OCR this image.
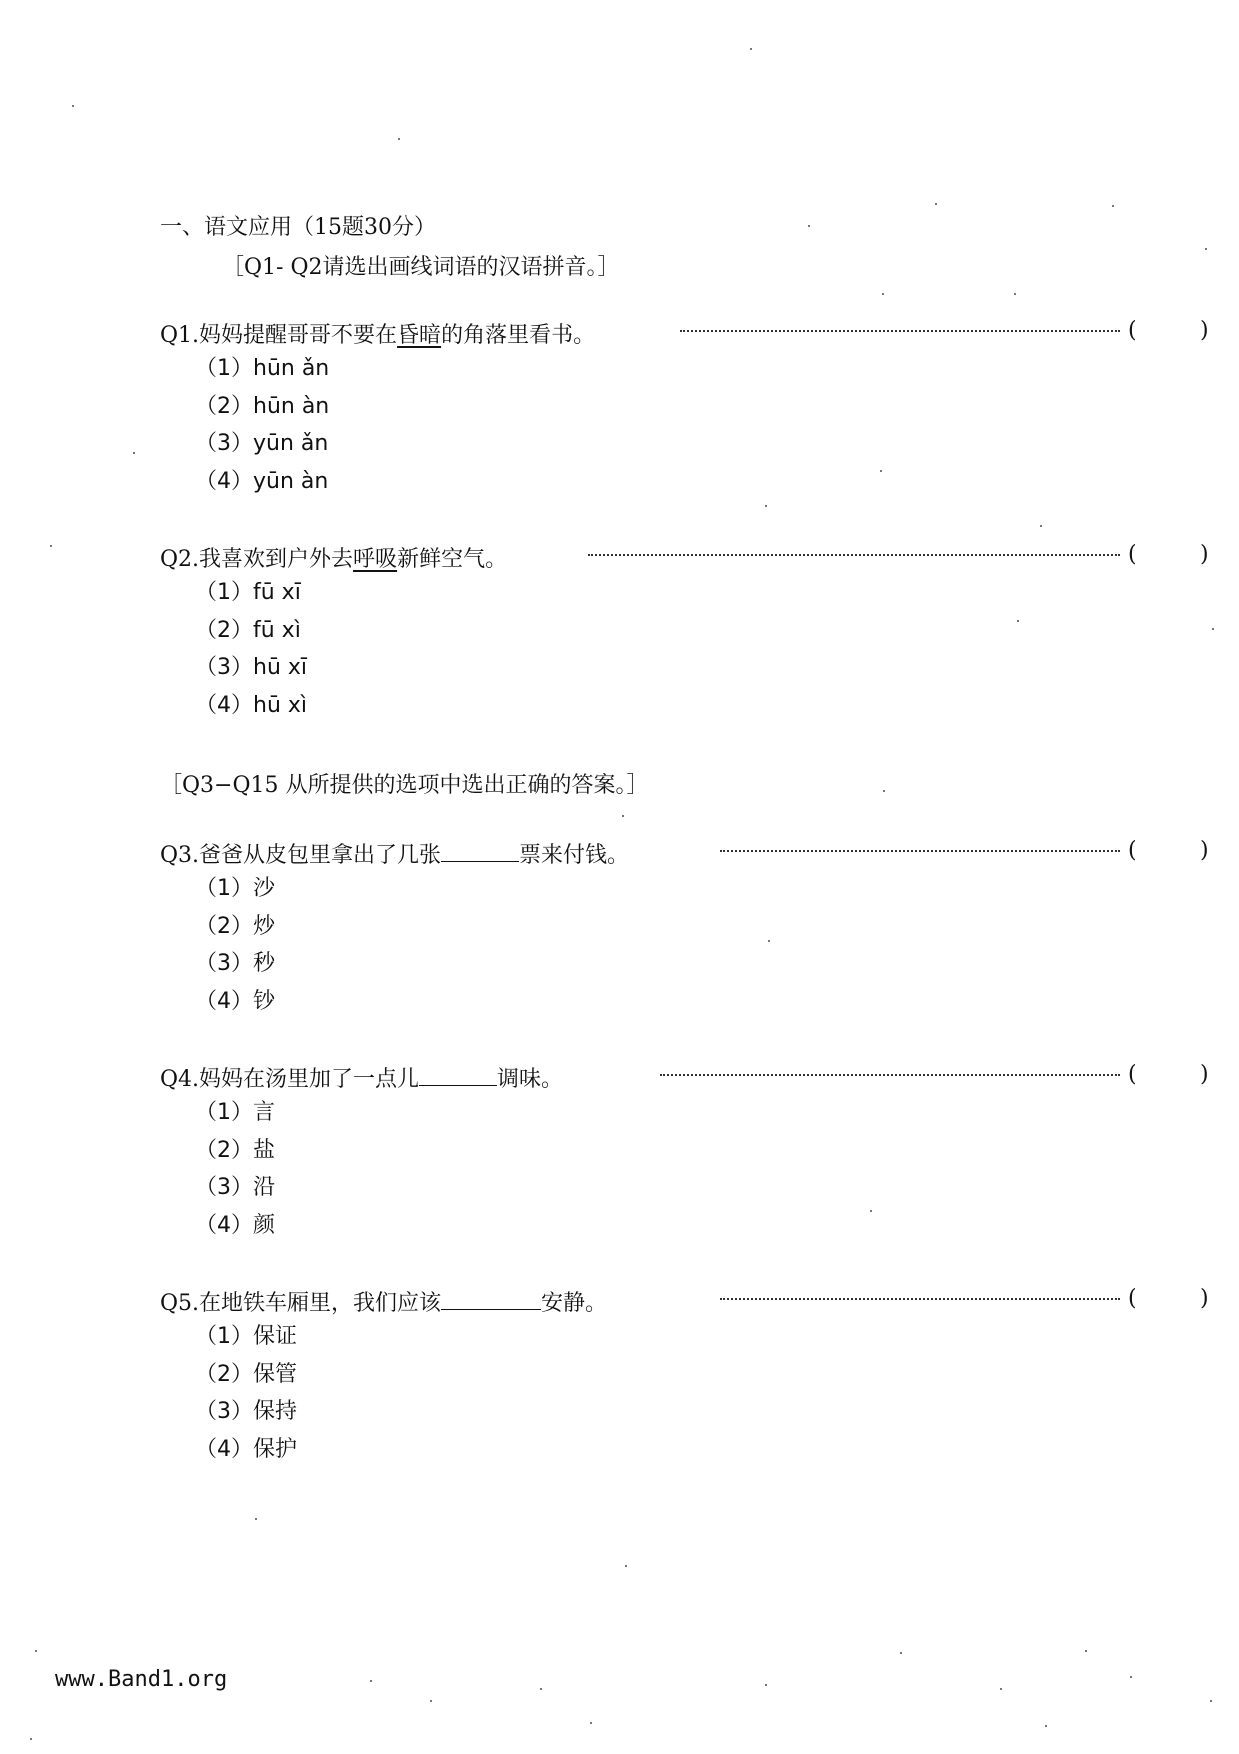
一、语文应用（15题30分）
［Q1- Q2请选出画线词语的汉语拼音。］
Q1.妈妈提醒哥哥不要在昏暗的角落里看书。	(	)
（1）hūn ǎn
（2）hūn àn
（3）yūn ǎn
（4）yūn àn
Q2.我喜欢到户外去呼吸新鲜空气。	(	)
（1）fū xī
（2）fū xì
（3）hū xī
（4）hū xì
［Q3−Q15 从所提供的选项中选出正确的答案。］
Q3.爸爸从皮包里拿出了几张	票来付钱。	(	)
（1）沙
（2）炒
（3）秒
（4）钞
Q4.妈妈在汤里加了一点儿	调味。	(	)
（1）言
（2）盐
（3）沿
（4）颜
Q5.在地铁车厢里，我们应该	安静。	(	)
（1）保证
（2）保管
（3）保持
（4）保护
www.Band1.org
